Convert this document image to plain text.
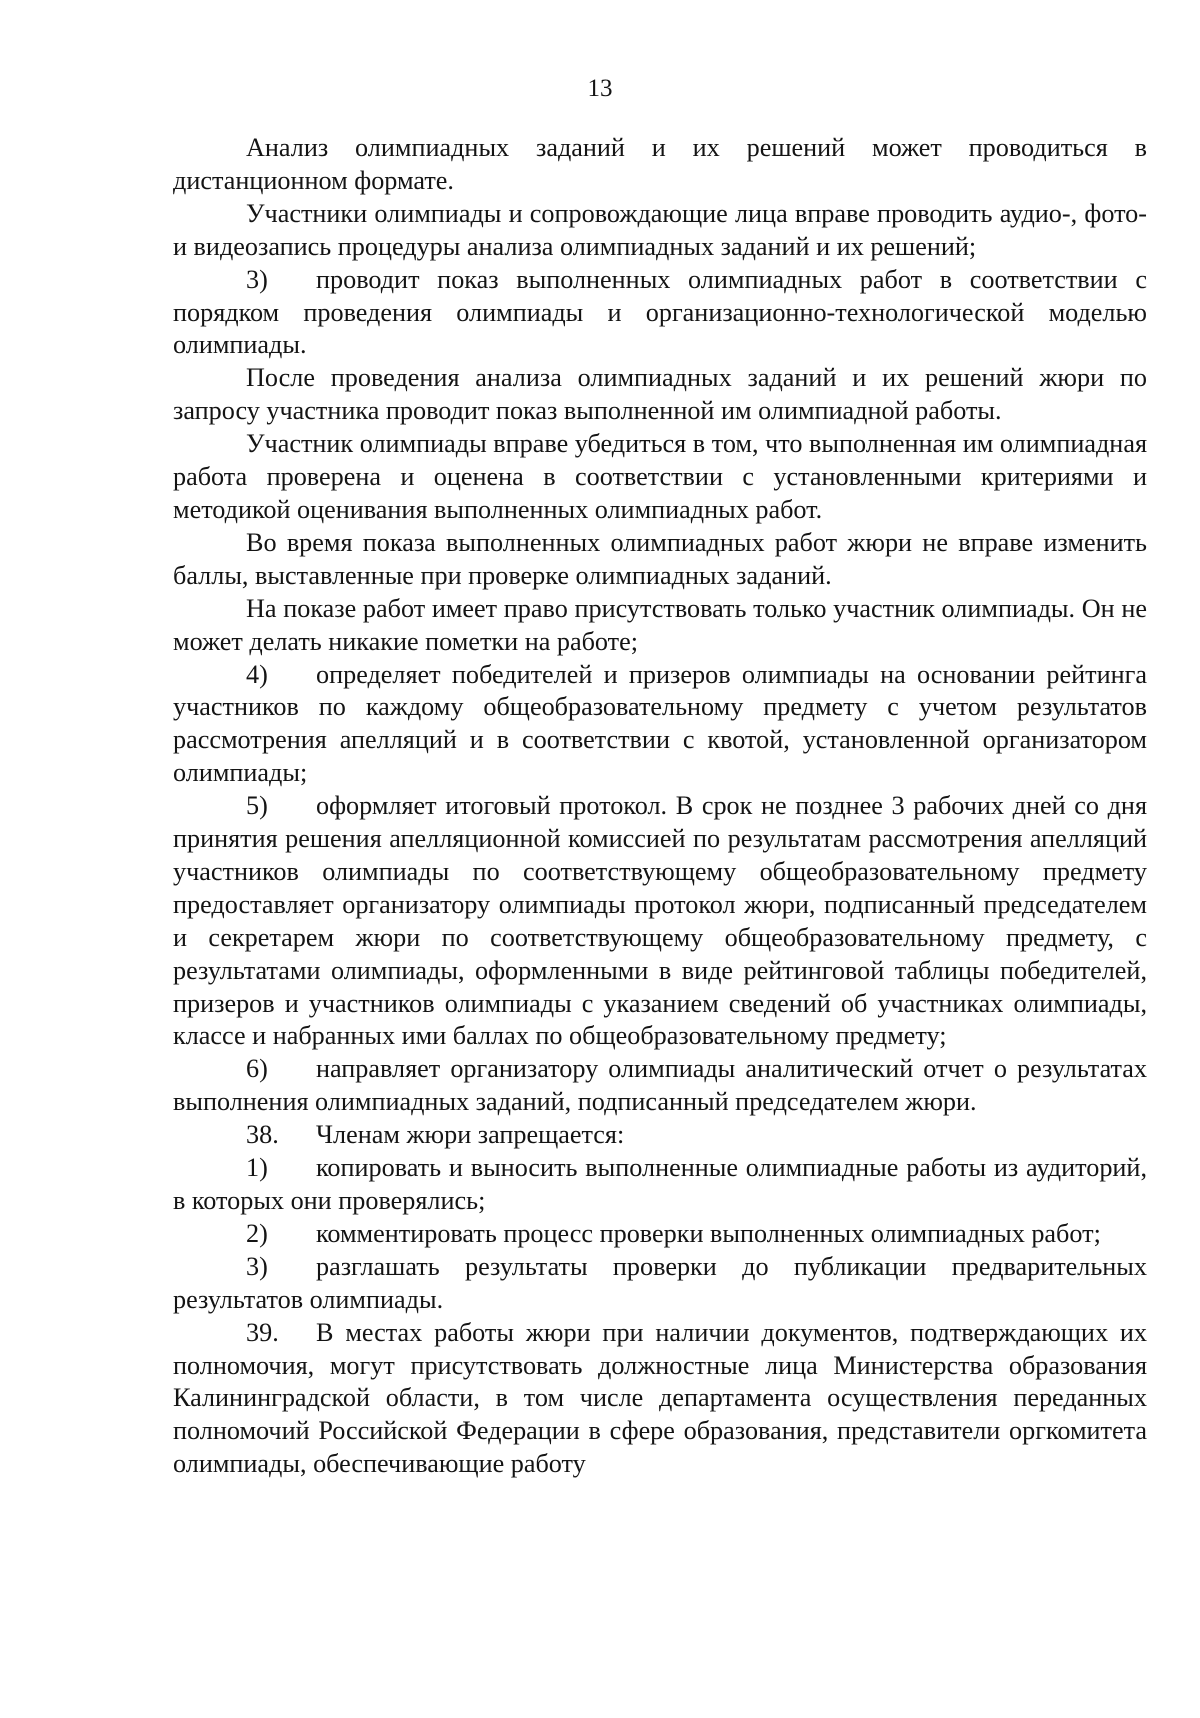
13

Анализ олимпиадных заданий и их решений может проводиться в дистанционном формате.

Участники олимпиады и сопровождающие лица вправе проводить аудио-, фото- и видеозапись процедуры анализа олимпиадных заданий и их решений;

3) проводит показ выполненных олимпиадных работ в соответствии с порядком проведения олимпиады и организационно-технологической моделью олимпиады.

После проведения анализа олимпиадных заданий и их решений жюри по запросу участника проводит показ выполненной им олимпиадной работы.

Участник олимпиады вправе убедиться в том, что выполненная им олимпиадная работа проверена и оценена в соответствии с установленными критериями и методикой оценивания выполненных олимпиадных работ.

Во время показа выполненных олимпиадных работ жюри не вправе изменить баллы, выставленные при проверке олимпиадных заданий.

На показе работ имеет право присутствовать только участник олимпиады. Он не может делать никакие пометки на работе;

4) определяет победителей и призеров олимпиады на основании рейтинга участников по каждому общеобразовательному предмету с учетом результатов рассмотрения апелляций и в соответствии с квотой, установленной организатором олимпиады;

5) оформляет итоговый протокол. В срок не позднее 3 рабочих дней со дня принятия решения апелляционной комиссией по результатам рассмотрения апелляций участников олимпиады по соответствующему общеобразовательному предмету предоставляет организатору олимпиады протокол жюри, подписанный председателем и секретарем жюри по соответствующему общеобразовательному предмету, с результатами олимпиады, оформленными в виде рейтинговой таблицы победителей, призеров и участников олимпиады с указанием сведений об участниках олимпиады, классе и набранных ими баллах по общеобразовательному предмету;

6) направляет организатору олимпиады аналитический отчет о результатах выполнения олимпиадных заданий, подписанный председателем жюри.

38. Членам жюри запрещается:

1) копировать и выносить выполненные олимпиадные работы из аудиторий, в которых они проверялись;

2) комментировать процесс проверки выполненных олимпиадных работ;

3) разглашать результаты проверки до публикации предварительных результатов олимпиады.

39. В местах работы жюри при наличии документов, подтверждающих их полномочия, могут присутствовать должностные лица Министерства образования Калининградской области, в том числе департамента осуществления переданных полномочий Российской Федерации в сфере образования, представители оргкомитета олимпиады, обеспечивающие работу
